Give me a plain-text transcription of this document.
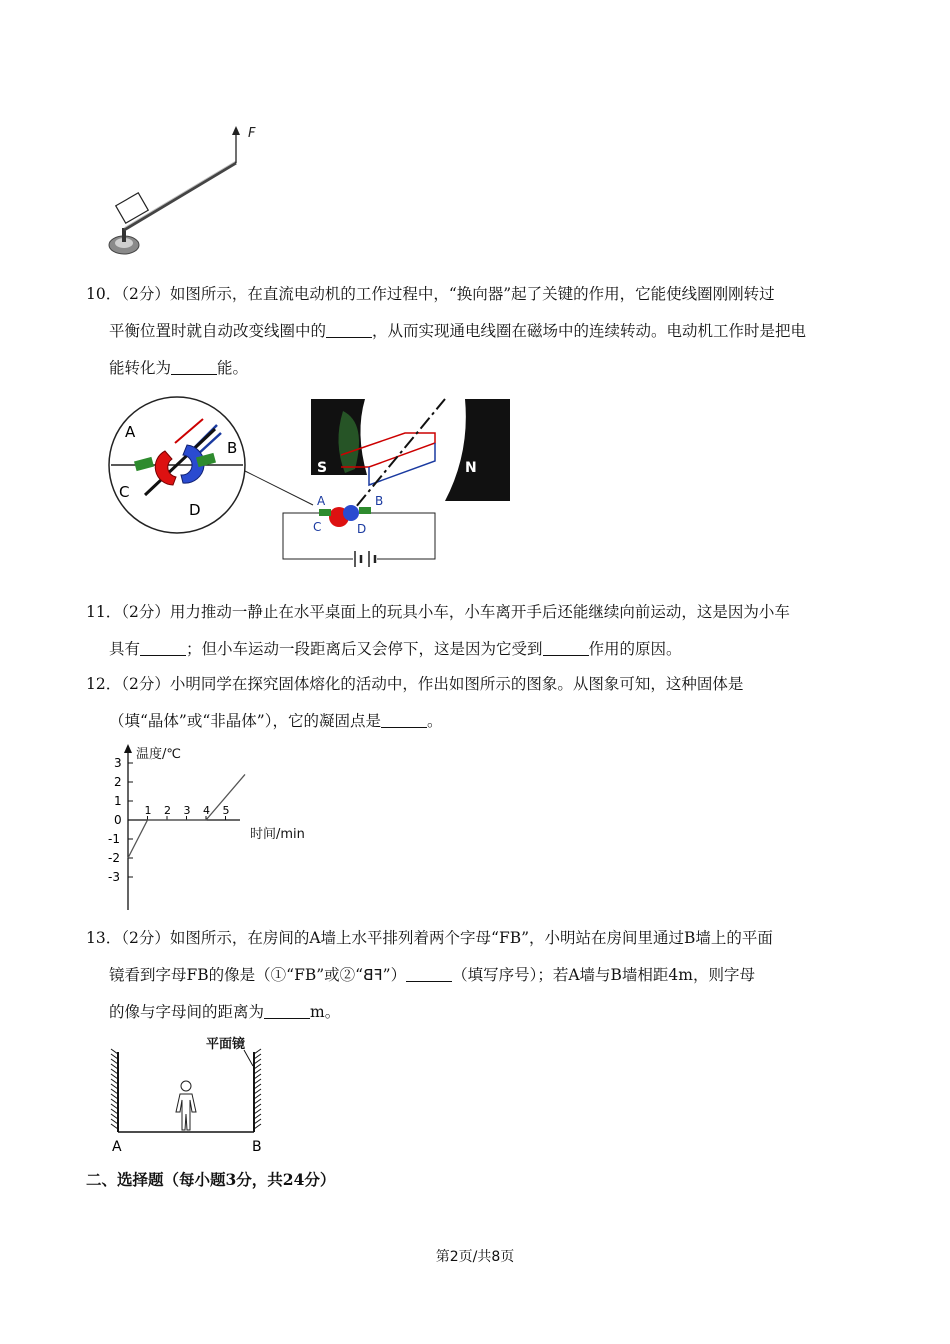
F
10．（2分）如图所示，在直流电动机的工作过程中，“换向器”起了关键的作用，它能使线圈刚刚转过
平衡位置时就自动改变线圈中的	，从而实现通电线圈在磁场中的连续转动。电动机工作时是把电
能转化为	能。
A
B
C
D
S	N
A	B
C	D
11．（2分）用力推动一静止在水平桌面上的玩具小车，小车离开手后还能继续向前运动，这是因为小车
具有	；但小车运动一段距离后又会停下，这是因为它受到	作用的原因。
12．（2分）小明同学在探究固体熔化的活动中，作出如图所示的图象。从图象可知，这种固体是
（填“晶体”或“非晶体”），它的凝固点是	。
温度/℃
时间/min
1 2 3 4 5
3
2
1
0
-1
-2
-3
13．（2分）如图所示，在房间的A墙上水平排列着两个字母“FB”，小明站在房间里通过B墙上的平面
镜看到字母FB的像是（①“FB”或②“FB”）	（填写序号）；若A墙与B墙相距4m，则字母
的像与字母间的距离为	m。
平面镜
A	B
二、选择题（每小题3分，共24分）
第2页/共8页
